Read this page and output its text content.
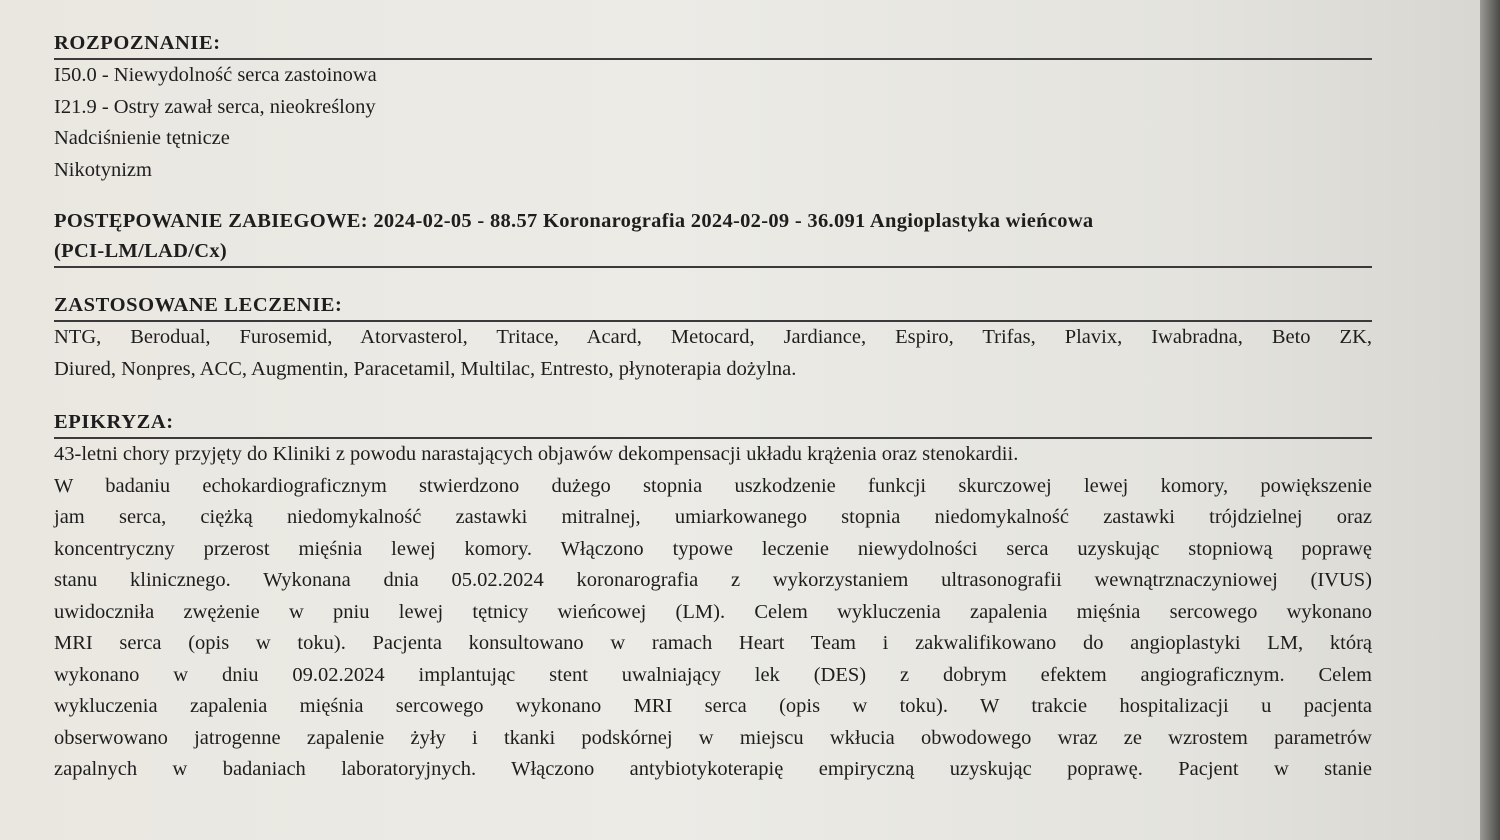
ROZPOZNANIE:
I50.0 - Niewydolność serca zastoinowa
I21.9 - Ostry zawał serca, nieokreślony
Nadciśnienie tętnicze
Nikotynizm
POSTĘPOWANIE ZABIEGOWE: 2024-02-05 - 88.57 Koronarografia 2024-02-09 - 36.091 Angioplastyka wieńcowa
(PCI-LM/LAD/Cx)
ZASTOSOWANE LECZENIE:
NTG, Berodual, Furosemid, Atorvasterol, Tritace, Acard, Metocard, Jardiance, Espiro, Trifas, Plavix, Iwabradna, Beto ZK,
Diured, Nonpres, ACC, Augmentin, Paracetamil, Multilac, Entresto, płynoterapia dożylna.
EPIKRYZA:
43-letni chory przyjęty do Kliniki z powodu narastających objawów dekompensacji układu krążenia oraz stenokardii.
W badaniu echokardiograficznym stwierdzono dużego stopnia uszkodzenie funkcji skurczowej lewej komory, powiększenie
jam serca, ciężką niedomykalność zastawki mitralnej, umiarkowanego stopnia niedomykalność zastawki trójdzielnej oraz
koncentryczny przerost mięśnia lewej komory. Włączono typowe leczenie niewydolności serca uzyskując stopniową poprawę
stanu klinicznego. Wykonana dnia 05.02.2024 koronarografia z wykorzystaniem ultrasonografii wewnątrznaczyniowej (IVUS)
uwidoczniła zwężenie w pniu lewej tętnicy wieńcowej (LM). Celem wykluczenia zapalenia mięśnia sercowego wykonano
MRI serca (opis w toku). Pacjenta konsultowano w ramach Heart Team i zakwalifikowano do angioplastyki LM, którą
wykonano w dniu 09.02.2024 implantując stent uwalniający lek (DES) z dobrym efektem angiograficznym. Celem
wykluczenia zapalenia mięśnia sercowego wykonano MRI serca (opis w toku). W trakcie hospitalizacji u pacjenta
obserwowano jatrogenne zapalenie żyły i tkanki podskórnej w miejscu wkłucia obwodowego wraz ze wzrostem parametrów
zapalnych w badaniach laboratoryjnych. Włączono antybiotykoterapię empiryczną uzyskując poprawę. Pacjent w stanie
